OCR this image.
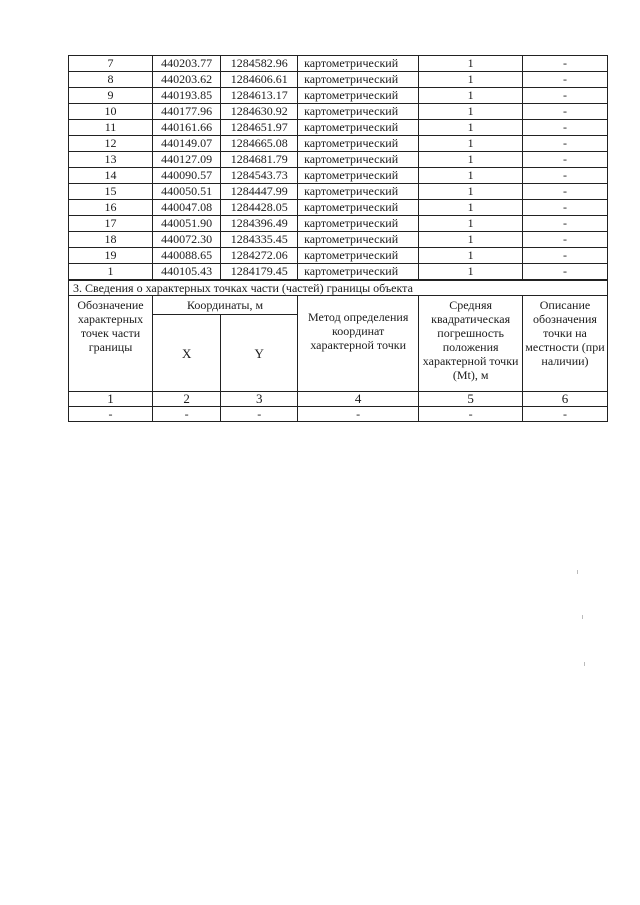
7	440203.77	1284582.96	картометрический	1	-
8	440203.62	1284606.61	картометрический	1	-
9	440193.85	1284613.17	картометрический	1	-
10	440177.96	1284630.92	картометрический	1	-
11	440161.66	1284651.97	картометрический	1	-
12	440149.07	1284665.08	картометрический	1	-
13	440127.09	1284681.79	картометрический	1	-
14	440090.57	1284543.73	картометрический	1	-
15	440050.51	1284447.99	картометрический	1	-
16	440047.08	1284428.05	картометрический	1	-
17	440051.90	1284396.49	картометрический	1	-
18	440072.30	1284335.45	картометрический	1	-
19	440088.65	1284272.06	картометрический	1	-
1	440105.43	1284179.45	картометрический	1	-
3. Сведения о характерных точках части (частей) границы объекта					
Обозначение характерных точек части границы	Координаты, м		Метод определения координат характерной точки	Средняя квадратическая погрешность положения характерной точки (Mt), м	Описание обозначения точки на местности (при наличии)
	X	Y			
1	2	3	4	5	6
-	-	-	-	-	-
